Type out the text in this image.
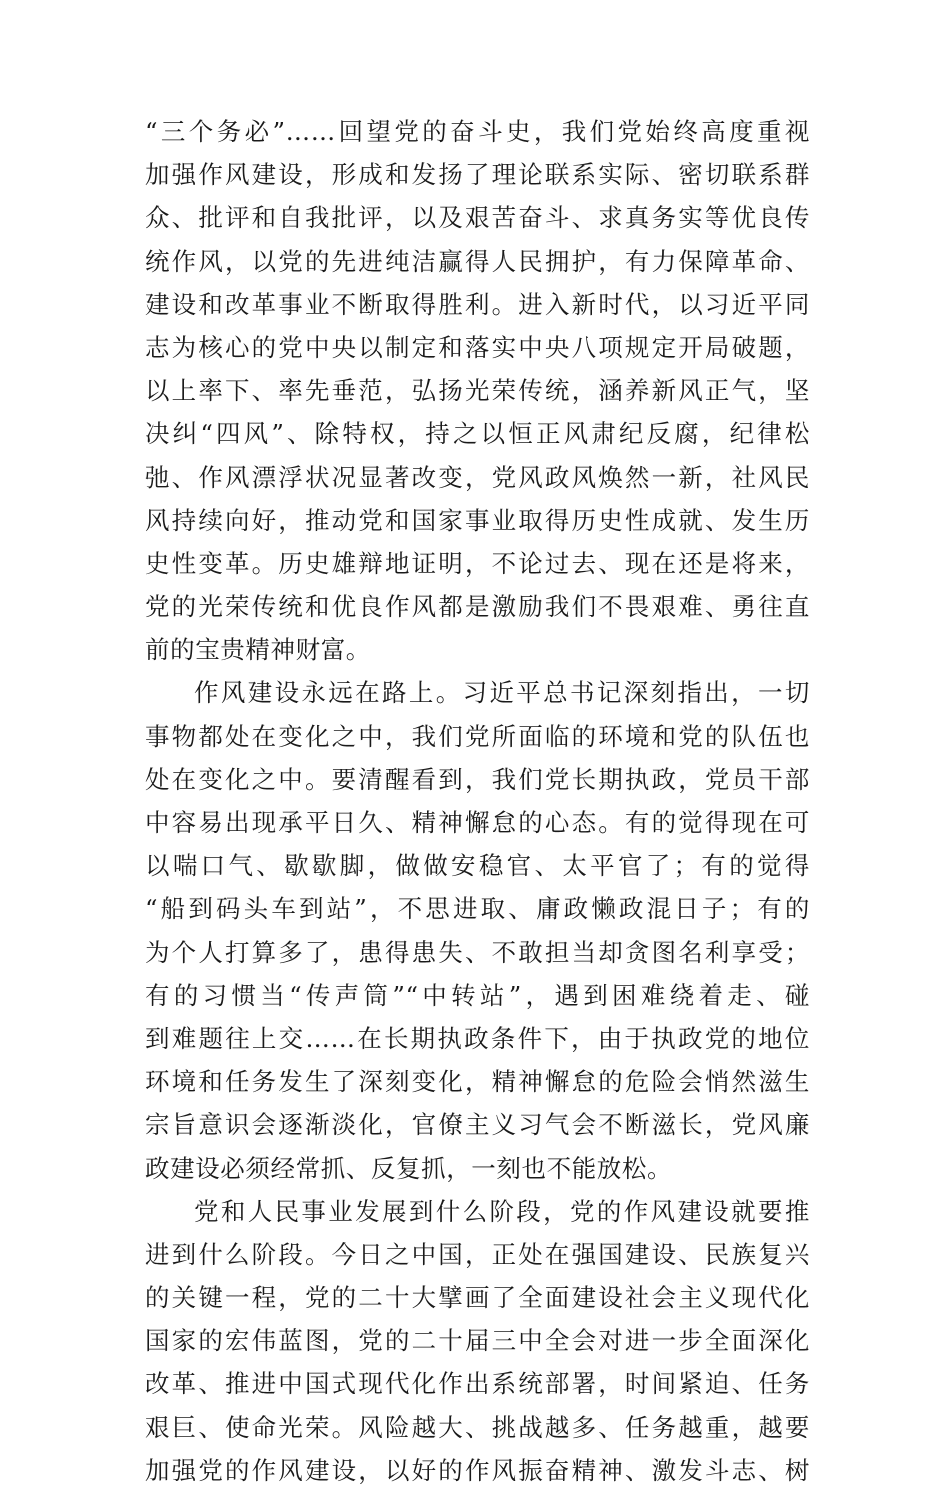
“三个务必”……回望党的奋斗史，我们党始终高度重视
加强作风建设，形成和发扬了理论联系实际、密切联系群
众、批评和自我批评，以及艰苦奋斗、求真务实等优良传
统作风，以党的先进纯洁赢得人民拥护，有力保障革命、
建设和改革事业不断取得胜利。进入新时代，以习近平同
志为核心的党中央以制定和落实中央八项规定开局破题，
以上率下、率先垂范，弘扬光荣传统，涵养新风正气，坚
决纠“四风”、除特权，持之以恒正风肃纪反腐，纪律松
弛、作风漂浮状况显著改变，党风政风焕然一新，社风民
风持续向好，推动党和国家事业取得历史性成就、发生历
史性变革。历史雄辩地证明，不论过去、现在还是将来，
党的光荣传统和优良作风都是激励我们不畏艰难、勇往直
前的宝贵精神财富。
作风建设永远在路上。习近平总书记深刻指出，一切
事物都处在变化之中，我们党所面临的环境和党的队伍也
处在变化之中。要清醒看到，我们党长期执政，党员干部
中容易出现承平日久、精神懈怠的心态。有的觉得现在可
以喘口气、歇歇脚，做做安稳官、太平官了；有的觉得
“船到码头车到站”，不思进取、庸政懒政混日子；有的
为个人打算多了，患得患失、不敢担当却贪图名利享受；
有的习惯当“传声筒”“中转站”，遇到困难绕着走、碰
到难题往上交……在长期执政条件下，由于执政党的地位
环境和任务发生了深刻变化，精神懈怠的危险会悄然滋生
宗旨意识会逐渐淡化，官僚主义习气会不断滋长，党风廉
政建设必须经常抓、反复抓，一刻也不能放松。
党和人民事业发展到什么阶段，党的作风建设就要推
进到什么阶段。今日之中国，正处在强国建设、民族复兴
的关键一程，党的二十大擘画了全面建设社会主义现代化
国家的宏伟蓝图，党的二十届三中全会对进一步全面深化
改革、推进中国式现代化作出系统部署，时间紧迫、任务
艰巨、使命光荣。风险越大、挑战越多、任务越重，越要
加强党的作风建设，以好的作风振奋精神、激发斗志、树
